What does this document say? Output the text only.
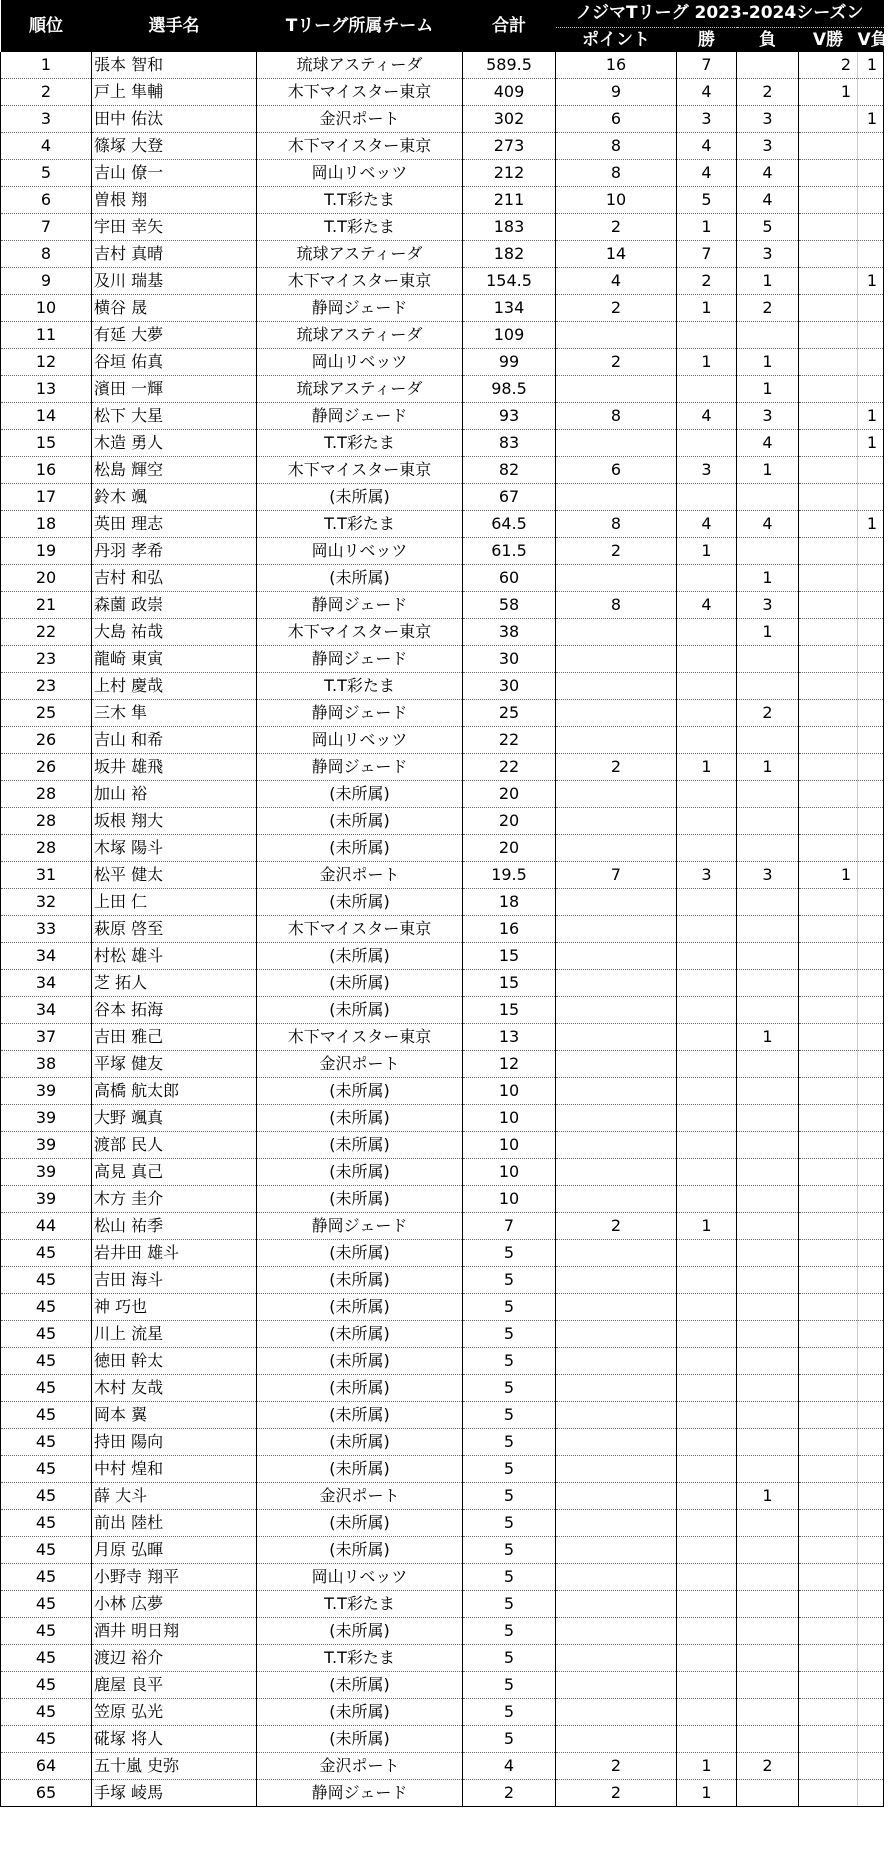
順位	選手名	Tリーグ所属チーム	合計	ノジマTリーグ 2023-2024シーズン				
				ポイント	勝	負	V勝	V負
1	張本 智和	琉球アスティーダ	589.5	16	7		2	1
2	戸上 隼輔	木下マイスター東京	409	9	4	2	1	
3	田中 佑汰	金沢ポート	302	6	3	3		1
4	篠塚 大登	木下マイスター東京	273	8	4	3		
5	吉山 僚一	岡山リベッツ	212	8	4	4		
6	曽根 翔	T.T彩たま	211	10	5	4		
7	宇田 幸矢	T.T彩たま	183	2	1	5		
8	吉村 真晴	琉球アスティーダ	182	14	7	3		
9	及川 瑞基	木下マイスター東京	154.5	4	2	1		1
10	横谷 晟	静岡ジェード	134	2	1	2		
11	有延 大夢	琉球アスティーダ	109					
12	谷垣 佑真	岡山リベッツ	99	2	1	1		
13	濱田 一輝	琉球アスティーダ	98.5			1		
14	松下 大星	静岡ジェード	93	8	4	3		1
15	木造 勇人	T.T彩たま	83			4		1
16	松島 輝空	木下マイスター東京	82	6	3	1		
17	鈴木 颯	(未所属)	67					
18	英田 理志	T.T彩たま	64.5	8	4	4		1
19	丹羽 孝希	岡山リベッツ	61.5	2	1			
20	吉村 和弘	(未所属)	60			1		
21	森薗 政崇	静岡ジェード	58	8	4	3		
22	大島 祐哉	木下マイスター東京	38			1		
23	龍崎 東寅	静岡ジェード	30					
23	上村 慶哉	T.T彩たま	30					
25	三木 隼	静岡ジェード	25			2		
26	吉山 和希	岡山リベッツ	22					
26	坂井 雄飛	静岡ジェード	22	2	1	1		
28	加山 裕	(未所属)	20					
28	坂根 翔大	(未所属)	20					
28	木塚 陽斗	(未所属)	20					
31	松平 健太	金沢ポート	19.5	7	3	3	1	
32	上田 仁	(未所属)	18					
33	萩原 啓至	木下マイスター東京	16					
34	村松 雄斗	(未所属)	15					
34	芝 拓人	(未所属)	15					
34	谷本 拓海	(未所属)	15					
37	吉田 雅己	木下マイスター東京	13			1		
38	平塚 健友	金沢ポート	12					
39	高橋 航太郎	(未所属)	10					
39	大野 颯真	(未所属)	10					
39	渡部 民人	(未所属)	10					
39	高見 真己	(未所属)	10					
39	木方 圭介	(未所属)	10					
44	松山 祐季	静岡ジェード	7	2	1			
45	岩井田 雄斗	(未所属)	5					
45	吉田 海斗	(未所属)	5					
45	神 巧也	(未所属)	5					
45	川上 流星	(未所属)	5					
45	徳田 幹太	(未所属)	5					
45	木村 友哉	(未所属)	5					
45	岡本 翼	(未所属)	5					
45	持田 陽向	(未所属)	5					
45	中村 煌和	(未所属)	5					
45	薛 大斗	金沢ポート	5			1		
45	前出 陸杜	(未所属)	5					
45	月原 弘暉	(未所属)	5					
45	小野寺 翔平	岡山リベッツ	5					
45	小林 広夢	T.T彩たま	5					
45	酒井 明日翔	(未所属)	5					
45	渡辺 裕介	T.T彩たま	5					
45	鹿屋 良平	(未所属)	5					
45	笠原 弘光	(未所属)	5					
45	硴塚 将人	(未所属)	5					
64	五十嵐 史弥	金沢ポート	4	2	1	2		
65	手塚 崚馬	静岡ジェード	2	2	1			
